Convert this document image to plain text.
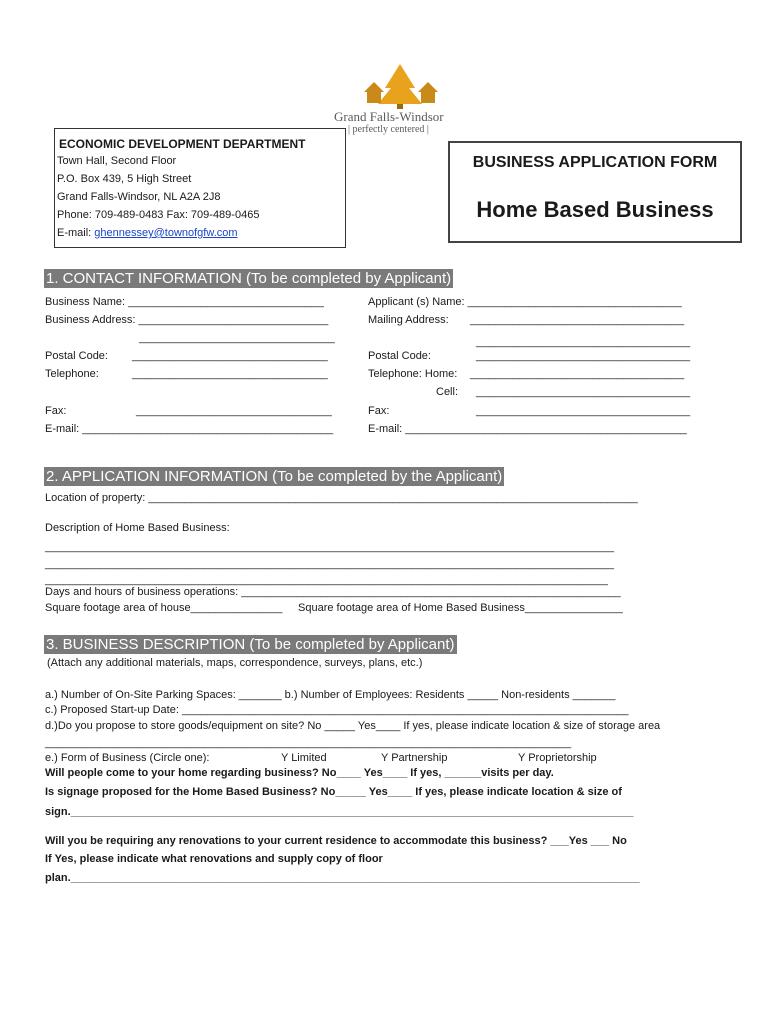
Grand Falls-Windsor
| perfectly centered |
ECONOMIC DEVELOPMENT DEPARTMENT
Town Hall, Second Floor
P.O. Box 439, 5 High Street
Grand Falls-Windsor, NL A2A 2J8
Phone: 709-489-0483 Fax: 709-489-0465
E-mail: ghennessey@townofgfw.com
BUSINESS APPLICATION FORM
Home Based Business
1. CONTACT INFORMATION (To be completed by Applicant)
Business Name: ________________________________
Business Address: _______________________________
________________________________
Postal Code: ________________________________
Telephone:	________________________________
Fax:	________________________________
E-mail: _________________________________________
Applicant (s) Name: ___________________________________
Mailing Address: ___________________________________
___________________________________
Postal Code:	___________________________________
Telephone: Home: ___________________________________
Cell: ___________________________________
Fax:	___________________________________
E-mail: ______________________________________________
2. APPLICATION INFORMATION (To be completed by the Applicant)
Location of property: ________________________________________________________________________________
Description of Home Based Business:
_____________________________________________________________________________________________
_____________________________________________________________________________________________
____________________________________________________________________________________________
Days and hours of business operations: ______________________________________________________________
Square footage area of house_______________ Square footage area of Home Based Business________________
3. BUSINESS DESCRIPTION (To be completed by Applicant)
(Attach any additional materials, maps, correspondence, surveys, plans, etc.)
a.) Number of On-Site Parking Spaces: _______ b.) Number of Employees: Residents _____ Non-residents _______
c.) Proposed Start-up Date: _________________________________________________________________________
d.)Do you propose to store goods/equipment on site? No _____ Yes____ If yes, please indicate location & size of storage area
______________________________________________________________________________________
e.) Form of Business (Circle one):	Y Limited	Y Partnership	Y Proprietorship
Will people come to your home regarding business? No____ Yes____ If yes, ______visits per day.
Is signage proposed for the Home Based Business? No_____ Yes____ If yes, please indicate location & size of
sign.____________________________________________________________________________________________
Will you be requiring any renovations to your current residence to accommodate this business? ___Yes ___ No
If Yes, please indicate what renovations and supply copy of floor
plan._____________________________________________________________________________________________
